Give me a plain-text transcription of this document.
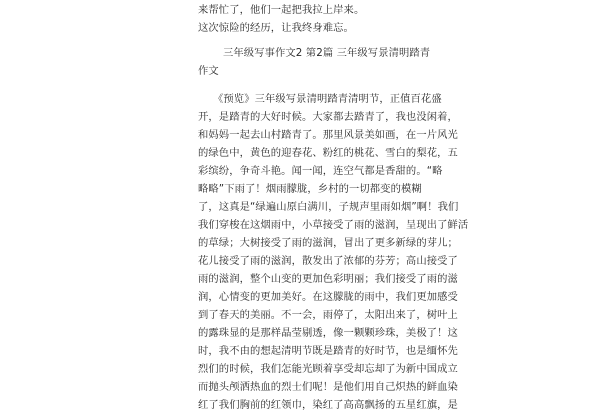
来帮忙了，他们一起把我拉上岸来。
这次惊险的经历，让我终身难忘。
三年级写事作文2 第2篇 三年级写景清明踏青
作文
《预览》三年级写景清明踏青清明节，正值百花盛
开，是踏青的大好时候。大家都去踏青了，我也没闲着，
和妈妈一起去山村踏青了。那里风景美如画，在一片风光
的绿色中，黄色的迎春花、粉红的桃花、雪白的梨花，五
彩缤纷，争奇斗艳。闻一闻，连空气都是香甜的。“略
略略”下雨了！烟雨朦胧，乡村的一切都变的模糊
了，这真是“绿遍山原白满川，子规声里雨如烟”啊！我们
我们穿梭在这烟雨中，小草接受了雨的滋润，呈现出了鲜活
的草绿；大树接受了雨的滋润，冒出了更多新绿的芽儿；
花儿接受了雨的滋润，散发出了浓郁的芬芳；高山接受了
雨的滋润，整个山变的更加色彩明丽；我们接受了雨的滋
润，心情变的更加美好。在这朦胧的雨中，我们更加感受
到了春天的美丽。不一会，雨停了，太阳出来了，树叶上
的露珠显的是那样晶莹剔透，像一颗颗珍珠，美极了！这
时，我不由的想起清明节既是踏青的好时节，也是缅怀先
烈们的时候，我们怎能光顾着享受却忘却了为新中国成立
而抛头颅洒热血的烈士们呢！是他们用自己炽热的鲜血染
红了我们胸前的红领巾，染红了高高飘扬的五星红旗，是
